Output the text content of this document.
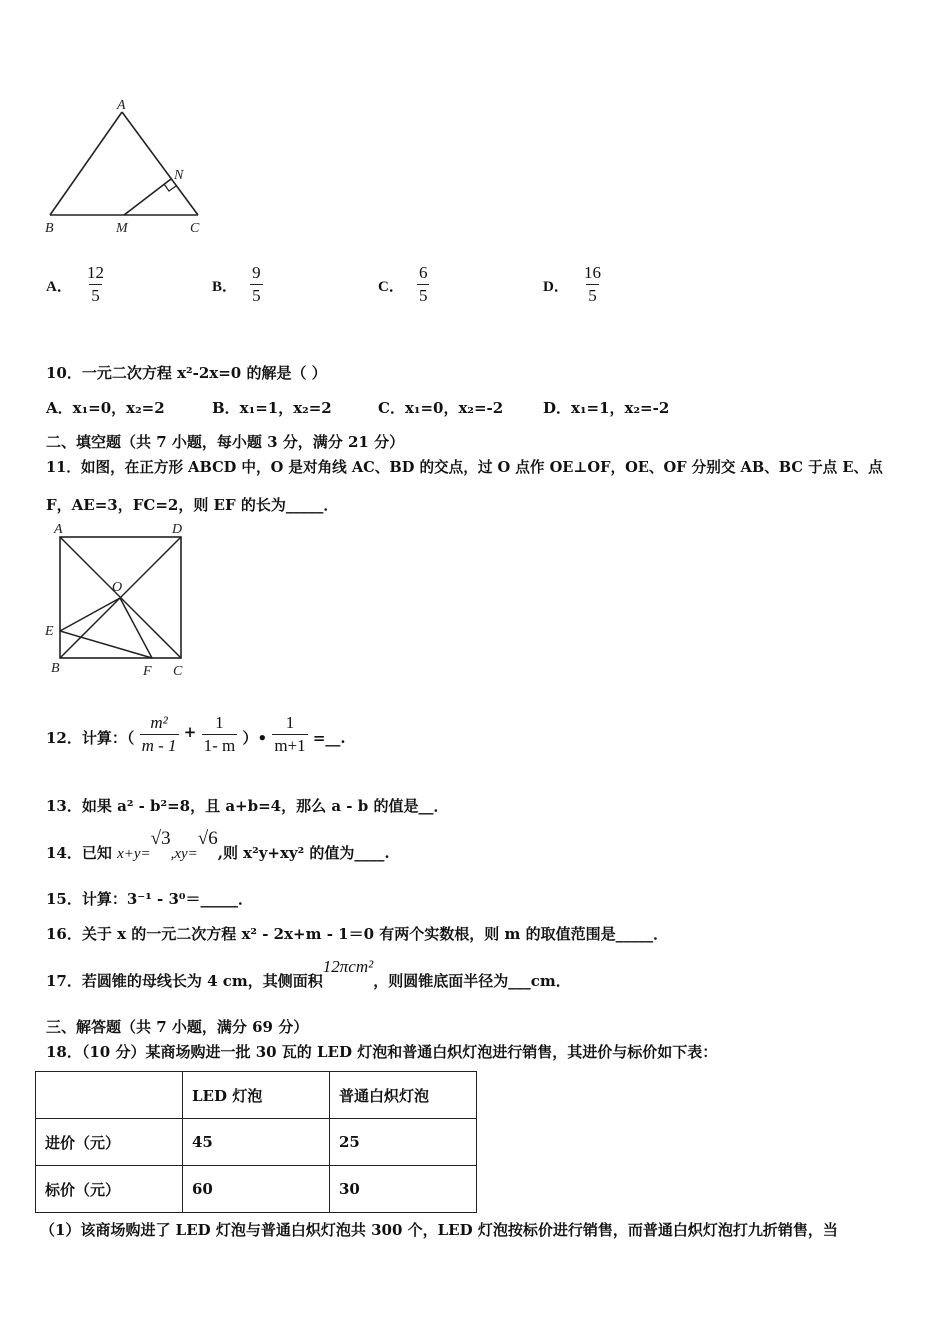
A
B	M	C
N
A． $\frac{12}{5}$	B． $\frac{9}{5}$	C． $\frac{6}{5}$	D． $\frac{16}{5}$
10．一元二次方程 x²-2x=0 的解是（ ）
A．x₁=0，x₂=2	B．x₁=1，x₂=2	C．x₁=0，x₂=-2	D．x₁=1，x₂=-2
二、填空题（共 7 小题，每小题 3 分，满分 21 分）
11．如图，在正方形 ABCD 中，O 是对角线 AC、BD 的交点，过 O 点作 OE⊥OF，OE、OF 分别交 AB、BC 于点 E、点
F，AE=3，FC=2，则 EF 的长为_____．
A	D
O
E
B	F C
12．计算：（ $\frac{\text{m²}}{m - 1} + \frac{1}{1- m}$ ）• $\frac{1}{m+1}$ =__.
13．如果 a² - b²=8，且 a+b=4，那么 a - b 的值是__．
14．已知 x+y=√3,xy=√6,则 x²y+xy² 的值为____.
15．计算：3⁻¹ - 3⁰＝_____．
16．关于 x 的一元二次方程 x² - 2x+m - 1＝0 有两个实数根，则 m 的取值范围是_____．
17．若圆锥的母线长为 4 cm，其侧面积12πcm²，则圆锥底面半径为___cm．
三、解答题（共 7 小题，满分 69 分）
18．（10 分）某商场购进一批 30 瓦的 LED 灯泡和普通白炽灯泡进行销售，其进价与标价如下表：
	LED 灯泡	普通白炽灯泡
进价（元）	45	25
标价（元）	60	30
（1）该商场购进了 LED 灯泡与普通白炽灯泡共 300 个，LED 灯泡按标价进行销售，而普通白炽灯泡打九折销售，当
